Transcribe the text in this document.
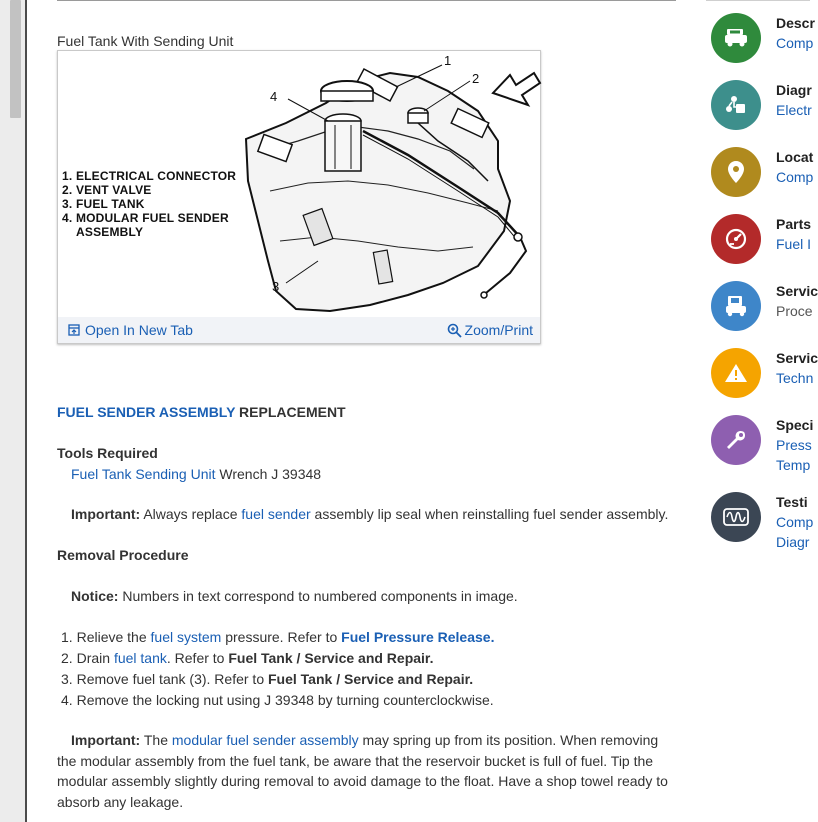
Fuel Tank With Sending Unit
1. ELECTRICAL CONNECTOR
2. VENT VALVE
3. FUEL TANK
4. MODULAR FUEL SENDER
ASSEMBLY
1
2
3
4
Open In New Tab	Zoom/Print
FUEL SENDER ASSEMBLY REPLACEMENT
Tools Required
Fuel Tank Sending Unit Wrench J 39348
Important: Always replace fuel sender assembly lip seal when reinstalling fuel sender assembly.
Removal Procedure
Notice: Numbers in text correspond to numbered components in image.
1. Relieve the fuel system pressure. Refer to Fuel Pressure Release.
2. Drain fuel tank. Refer to Fuel Tank / Service and Repair.
3. Remove fuel tank (3). Refer to Fuel Tank / Service and Repair.
4. Remove the locking nut using J 39348 by turning counterclockwise.
Important: The modular fuel sender assembly may spring up from its position. When removing the modular assembly from the fuel tank, be aware that the reservoir bucket is full of fuel. Tip the modular assembly slightly during removal to avoid damage to the float. Have a shop towel ready to absorb any leakage.
Descr
Comp
Diagr
Electr
Locat
Comp
Parts
Fuel I
Servic
Proce
Servic
Techn
Speci
Press
Temp
Testi
Comp
Diagr
